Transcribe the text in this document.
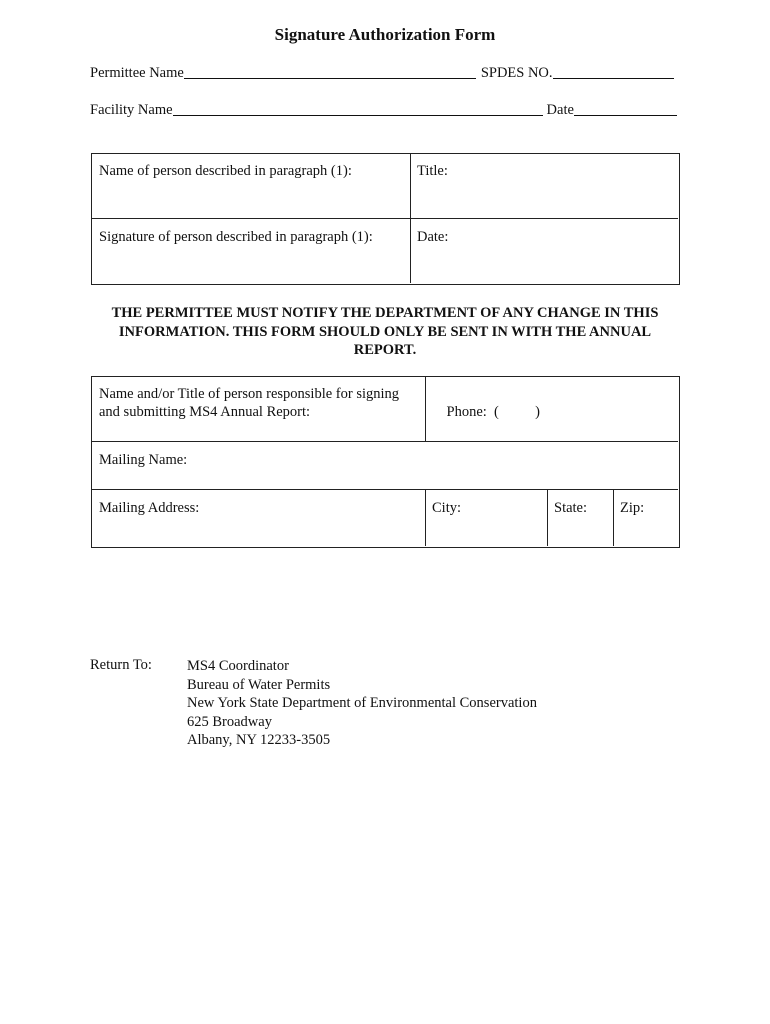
Signature Authorization Form
Permittee Name	SPDES NO.
Facility Name	Date
Name of person described in paragraph (1):	Title:
Signature of person described in paragraph (1):	Date:
THE PERMITTEE MUST NOTIFY THE DEPARTMENT OF ANY CHANGE IN THIS INFORMATION. THIS FORM SHOULD ONLY BE SENT IN WITH THE ANNUAL REPORT.
Name and/or Title of person responsible for signing and submitting MS4 Annual Report:	Phone:  (          )

Mailing Name:
Mailing Address:	City:	State:	Zip:
Return To: MS4 Coordinator
Bureau of Water Permits
New York State Department of Environmental Conservation
625 Broadway
Albany, NY 12233-3505
